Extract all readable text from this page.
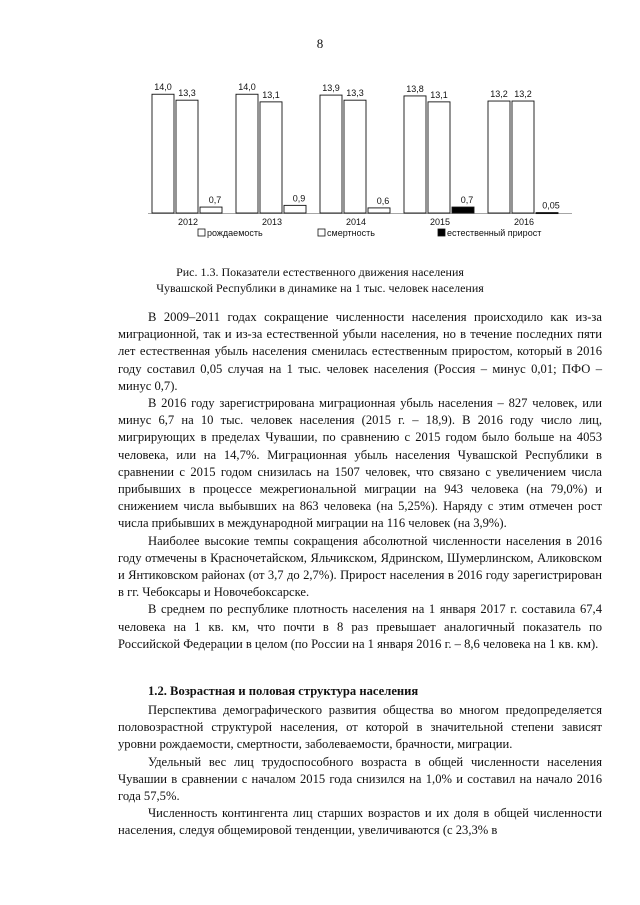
8
14,0
13,3
0,7
2012
14,0
13,1
0,9
2013
13,9
13,3
0,6
2014
13,8
13,1
0,7
2015
13,2 13,2
0,05
2016
рождаемость	смертность	естественный прирост
Рис. 1.3. Показатели естественного движения населения
Чувашской Республики в динамике на 1 тыс. человек населения

В 2009–2011 годах сокращение численности населения происходило как из-за миграционной, так и из-за естественной убыли населения, но в течение последних пяти лет естественная убыль населения сменилась естественным приростом, который в 2016 году составил 0,05 случая на 1 тыс. человек населения (Россия – минус 0,01; ПФО – минус 0,7).

В 2016 году зарегистрирована миграционная убыль населения – 827 человек, или минус 6,7 на 10 тыс. человек населения (2015 г. – 18,9). В 2016 году число лиц, мигрирующих в пределах Чувашии, по сравнению с 2015 годом было больше на 4053 человека, или на 14,7%. Миграционная убыль населения Чувашской Республики в сравнении с 2015 годом снизилась на 1507 человек, что связано с увеличением числа прибывших в процессе межрегиональной миграции на 943 человека (на 79,0%) и снижением числа выбывших на 863 человека (на 5,25%). Наряду с этим отмечен рост числа прибывших в международной миграции на 116 человек (на 3,9%).

Наиболее высокие темпы сокращения абсолютной численности населения в 2016 году отмечены в Красночетайском, Яльчикском, Ядринском, Шумерлинском, Аликовском и Янтиковском районах (от 3,7 до 2,7%). Прирост населения в 2016 году зарегистрирован в гг. Чебоксары и Новочебоксарске.

В среднем по республике плотность населения на 1 января 2017 г. составила 67,4 человека на 1 кв. км, что почти в 8 раз превышает аналогичный показатель по Российской Федерации в целом (по России на 1 января 2016 г. – 8,6 человека на 1 кв. км).

1.2. Возрастная и половая структура населения

Перспектива демографического развития общества во многом предопределяется половозрастной структурой населения, от которой в значительной степени зависят уровни рождаемости, смертности, заболеваемости, брачности, миграции.

Удельный вес лиц трудоспособного возраста в общей численности населения Чувашии в сравнении с началом 2015 года снизился на 1,0% и составил на начало 2016 года 57,5%.

Численность контингента лиц старших возрастов и их доля в общей численности населения, следуя общемировой тенденции, увеличиваются (с 23,3% в
